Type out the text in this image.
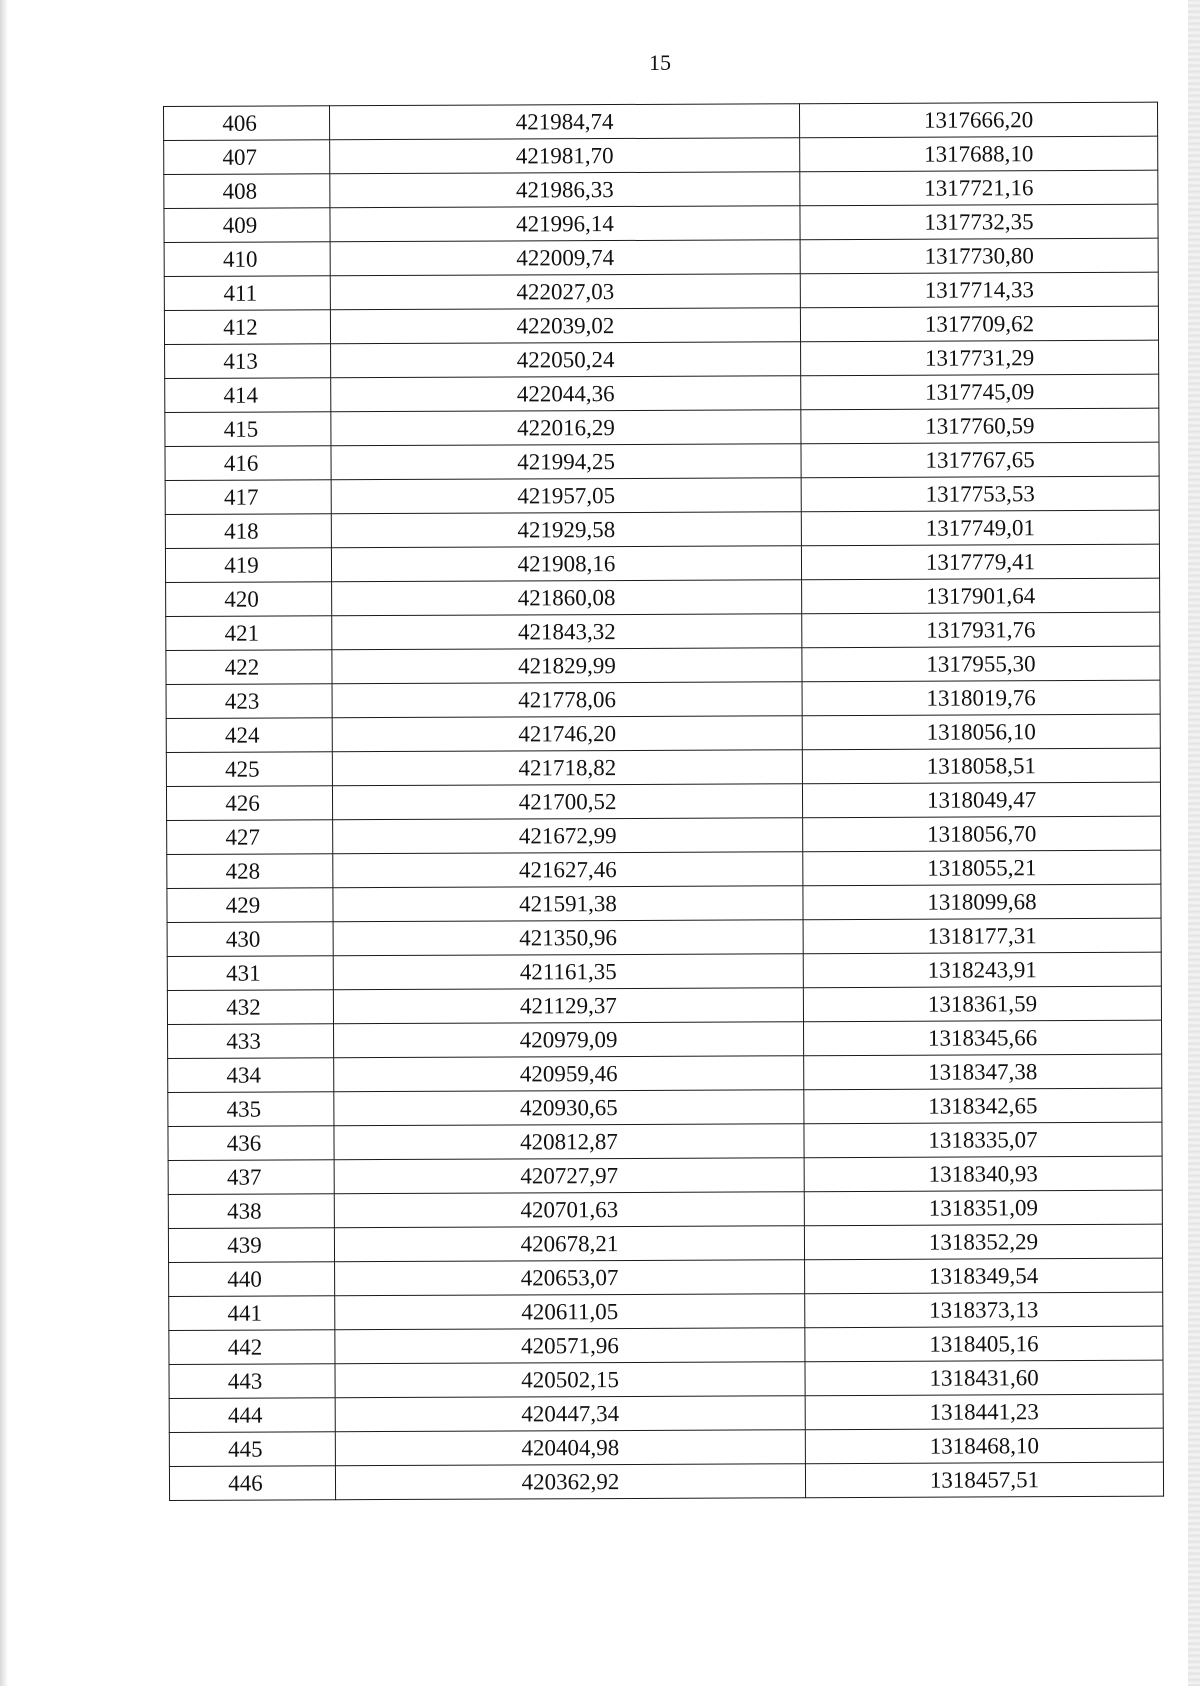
15
406	421984,74	1317666,20
407	421981,70	1317688,10
408	421986,33	1317721,16
409	421996,14	1317732,35
410	422009,74	1317730,80
411	422027,03	1317714,33
412	422039,02	1317709,62
413	422050,24	1317731,29
414	422044,36	1317745,09
415	422016,29	1317760,59
416	421994,25	1317767,65
417	421957,05	1317753,53
418	421929,58	1317749,01
419	421908,16	1317779,41
420	421860,08	1317901,64
421	421843,32	1317931,76
422	421829,99	1317955,30
423	421778,06	1318019,76
424	421746,20	1318056,10
425	421718,82	1318058,51
426	421700,52	1318049,47
427	421672,99	1318056,70
428	421627,46	1318055,21
429	421591,38	1318099,68
430	421350,96	1318177,31
431	421161,35	1318243,91
432	421129,37	1318361,59
433	420979,09	1318345,66
434	420959,46	1318347,38
435	420930,65	1318342,65
436	420812,87	1318335,07
437	420727,97	1318340,93
438	420701,63	1318351,09
439	420678,21	1318352,29
440	420653,07	1318349,54
441	420611,05	1318373,13
442	420571,96	1318405,16
443	420502,15	1318431,60
444	420447,34	1318441,23
445	420404,98	1318468,10
446	420362,92	1318457,51
